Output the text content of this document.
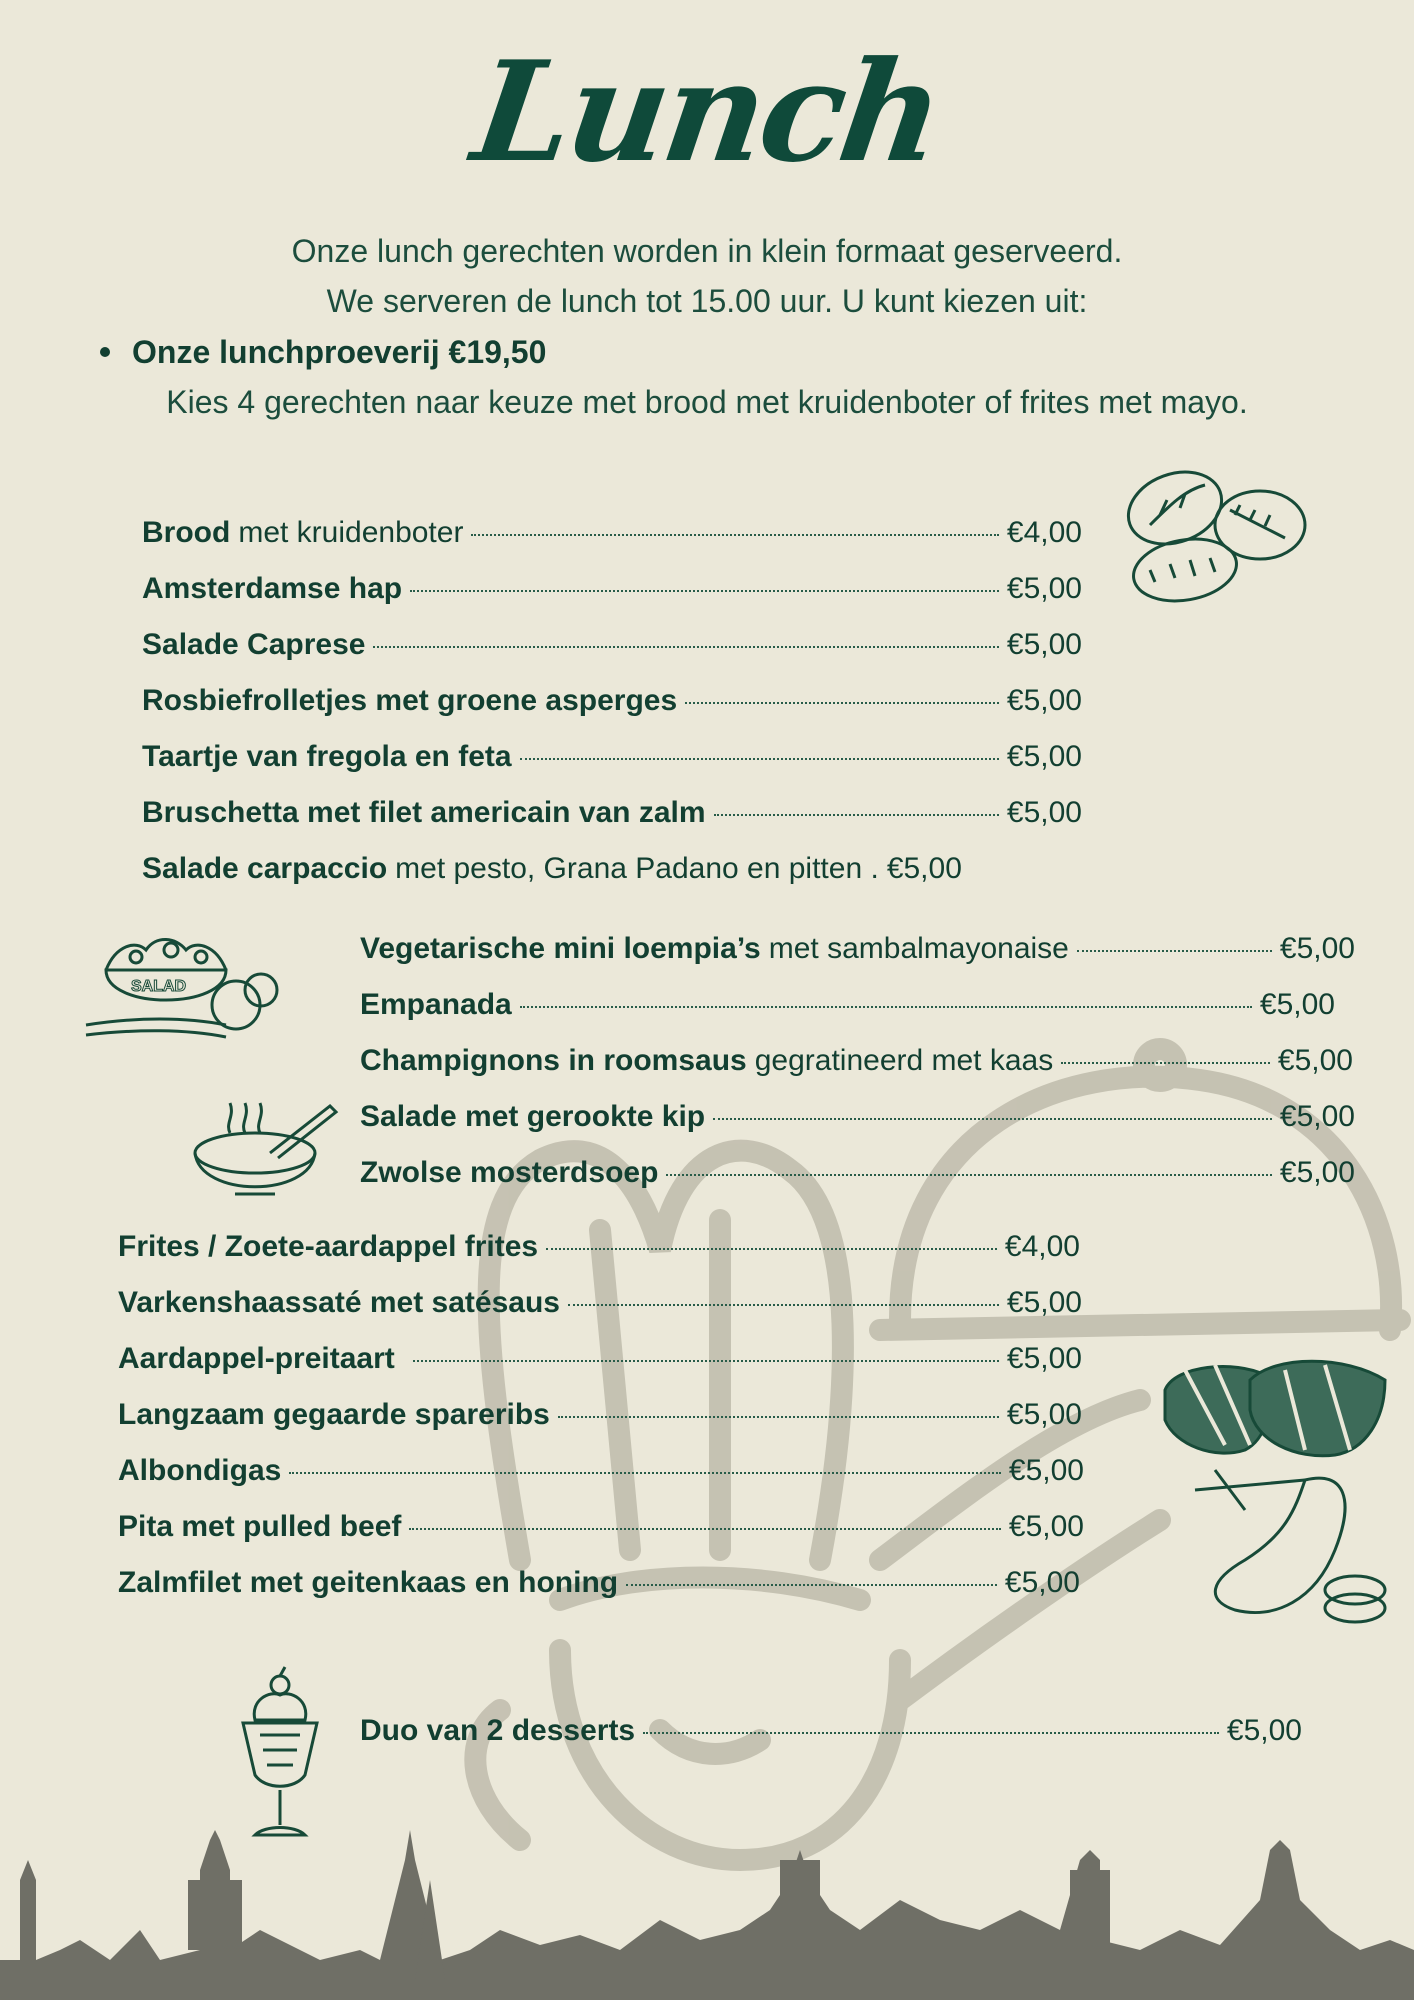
Lunch
Onze lunch gerechten worden in klein formaat geserveerd.
We serveren de lunch tot 15.00 uur. U kunt kiezen uit:
Onze lunchproeverij €19,50
Kies 4 gerechten naar keuze met brood met kruidenboter of frites met mayo.
Brood met kruidenboter	€4,00
Amsterdamse hap	€5,00
Salade Caprese	€5,00
Rosbiefrolletjes met groene asperges	€5,00
Taartje van fregola en feta	€5,00
Bruschetta met filet americain van zalm	€5,00
Salade carpaccio met pesto, Grana Padano en pitten . €5,00
Vegetarische mini loempia’s met sambalmayonaise	€5,00
Empanada	€5,00
Champignons in roomsaus gegratineerd met kaas	€5,00
Salade met gerookte kip	€5,00
Zwolse mosterdsoep	€5,00
Frites / Zoete-aardappel frites	€4,00
Varkenshaassaté met satésaus	€5,00
Aardappel-preitaart	€5,00
Langzaam gegaarde spareribs	€5,00
Albondigas	€5,00
Pita met pulled beef	€5,00
Zalmfilet met geitenkaas en honing	€5,00
Duo van 2 desserts	€5,00
SALAD
